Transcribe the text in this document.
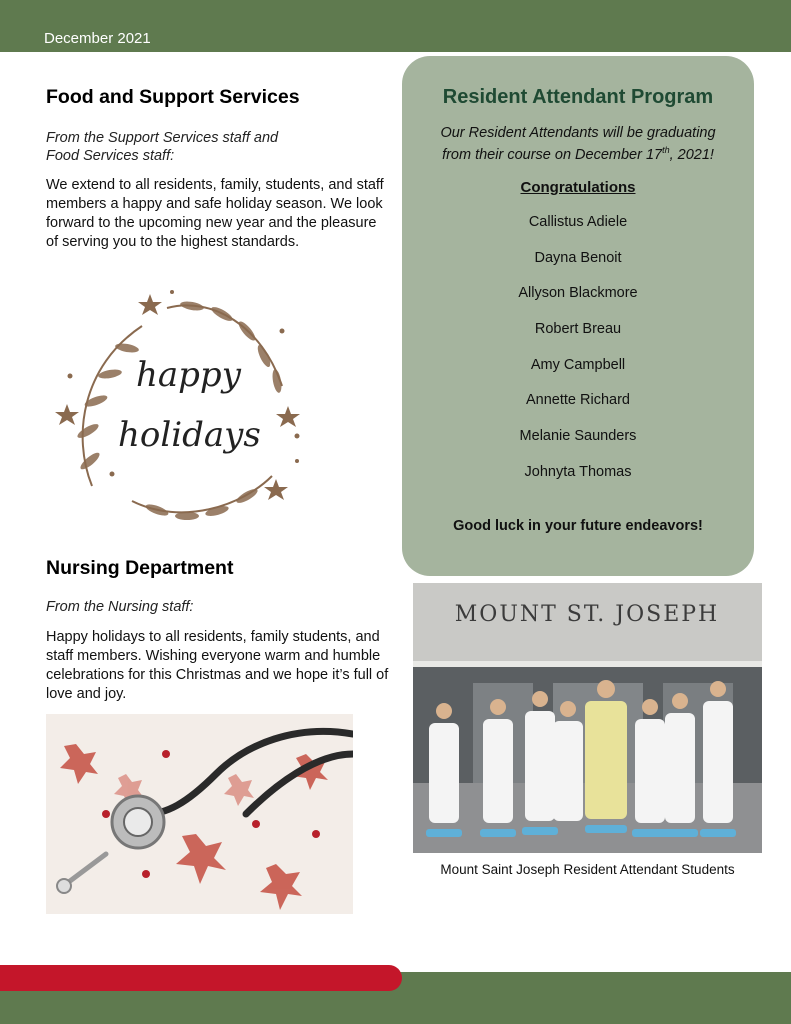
December 2021
Food and Support Services

From the Support Services staff and
Food Services staff:

We extend to all residents, family, students, and staff members a happy and safe holiday season. We look forward to the upcoming new year and the pleasure of serving you to the highest standards.

happy
holidays
Nursing Department

From the Nursing staff:

Happy holidays to all residents, family students, and staff members. Wishing everyone warm and humble celebrations for this Christmas and we hope it’s full of love and joy.

Resident Attendant Program
Our Resident Attendants will be graduating
from their course on December 17th, 2021!
Congratulations
Callistus Adiele
Dayna Benoit
Allyson Blackmore
Robert Breau
Amy Campbell
Annette Richard
Melanie Saunders
Johnyta Thomas
Good luck in your future endeavors!
MOUNT ST. JOSEPH
Mount Saint Joseph Resident Attendant Students
